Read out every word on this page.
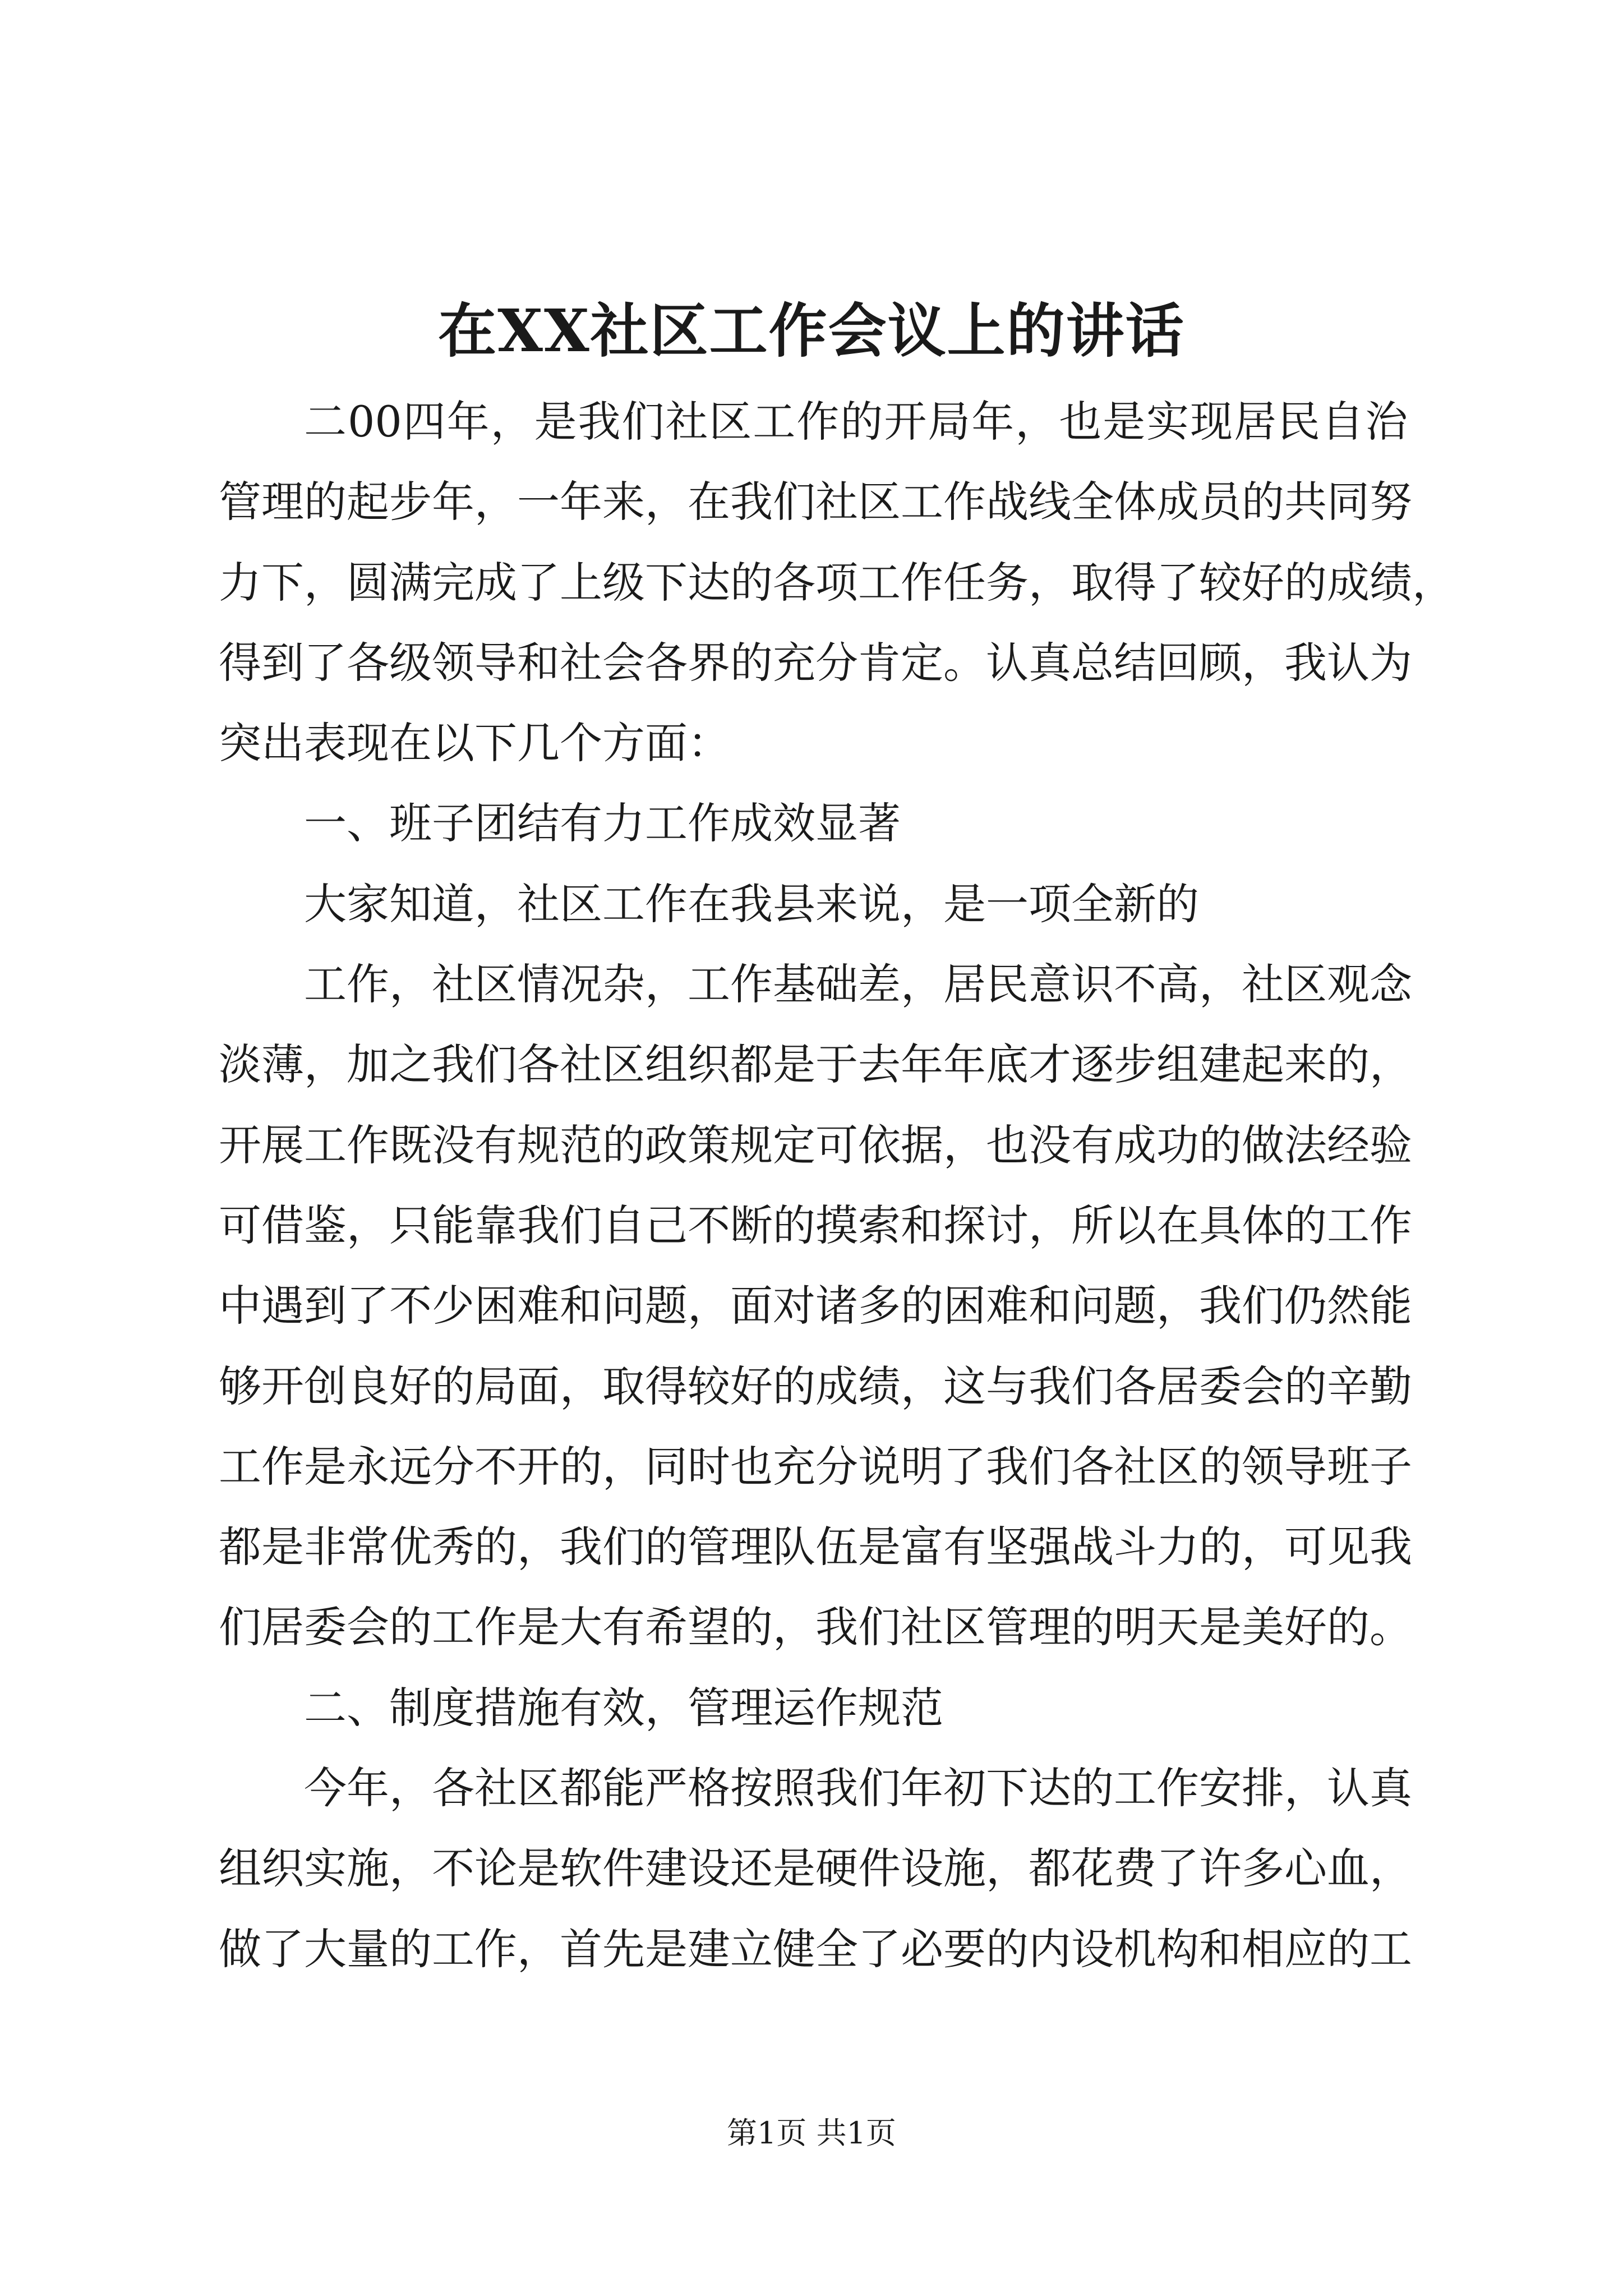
在XX社区工作会议上的讲话
二00四年，是我们社区工作的开局年，也是实现居民自治
管理的起步年，一年来，在我们社区工作战线全体成员的共同努
力下，圆满完成了上级下达的各项工作任务，取得了较好的成绩，
得到了各级领导和社会各界的充分肯定。认真总结回顾，我认为
突出表现在以下几个方面：
一、班子团结有力工作成效显著
大家知道，社区工作在我县来说，是一项全新的
工作，社区情况杂，工作基础差，居民意识不高，社区观念
淡薄，加之我们各社区组织都是于去年年底才逐步组建起来的，
开展工作既没有规范的政策规定可依据，也没有成功的做法经验
可借鉴，只能靠我们自己不断的摸索和探讨，所以在具体的工作
中遇到了不少困难和问题，面对诸多的困难和问题，我们仍然能
够开创良好的局面，取得较好的成绩，这与我们各居委会的辛勤
工作是永远分不开的，同时也充分说明了我们各社区的领导班子
都是非常优秀的，我们的管理队伍是富有坚强战斗力的，可见我
们居委会的工作是大有希望的，我们社区管理的明天是美好的。
二、制度措施有效，管理运作规范
今年，各社区都能严格按照我们年初下达的工作安排，认真
组织实施，不论是软件建设还是硬件设施，都花费了许多心血，
做了大量的工作，首先是建立健全了必要的内设机构和相应的工
第1页 共1页
